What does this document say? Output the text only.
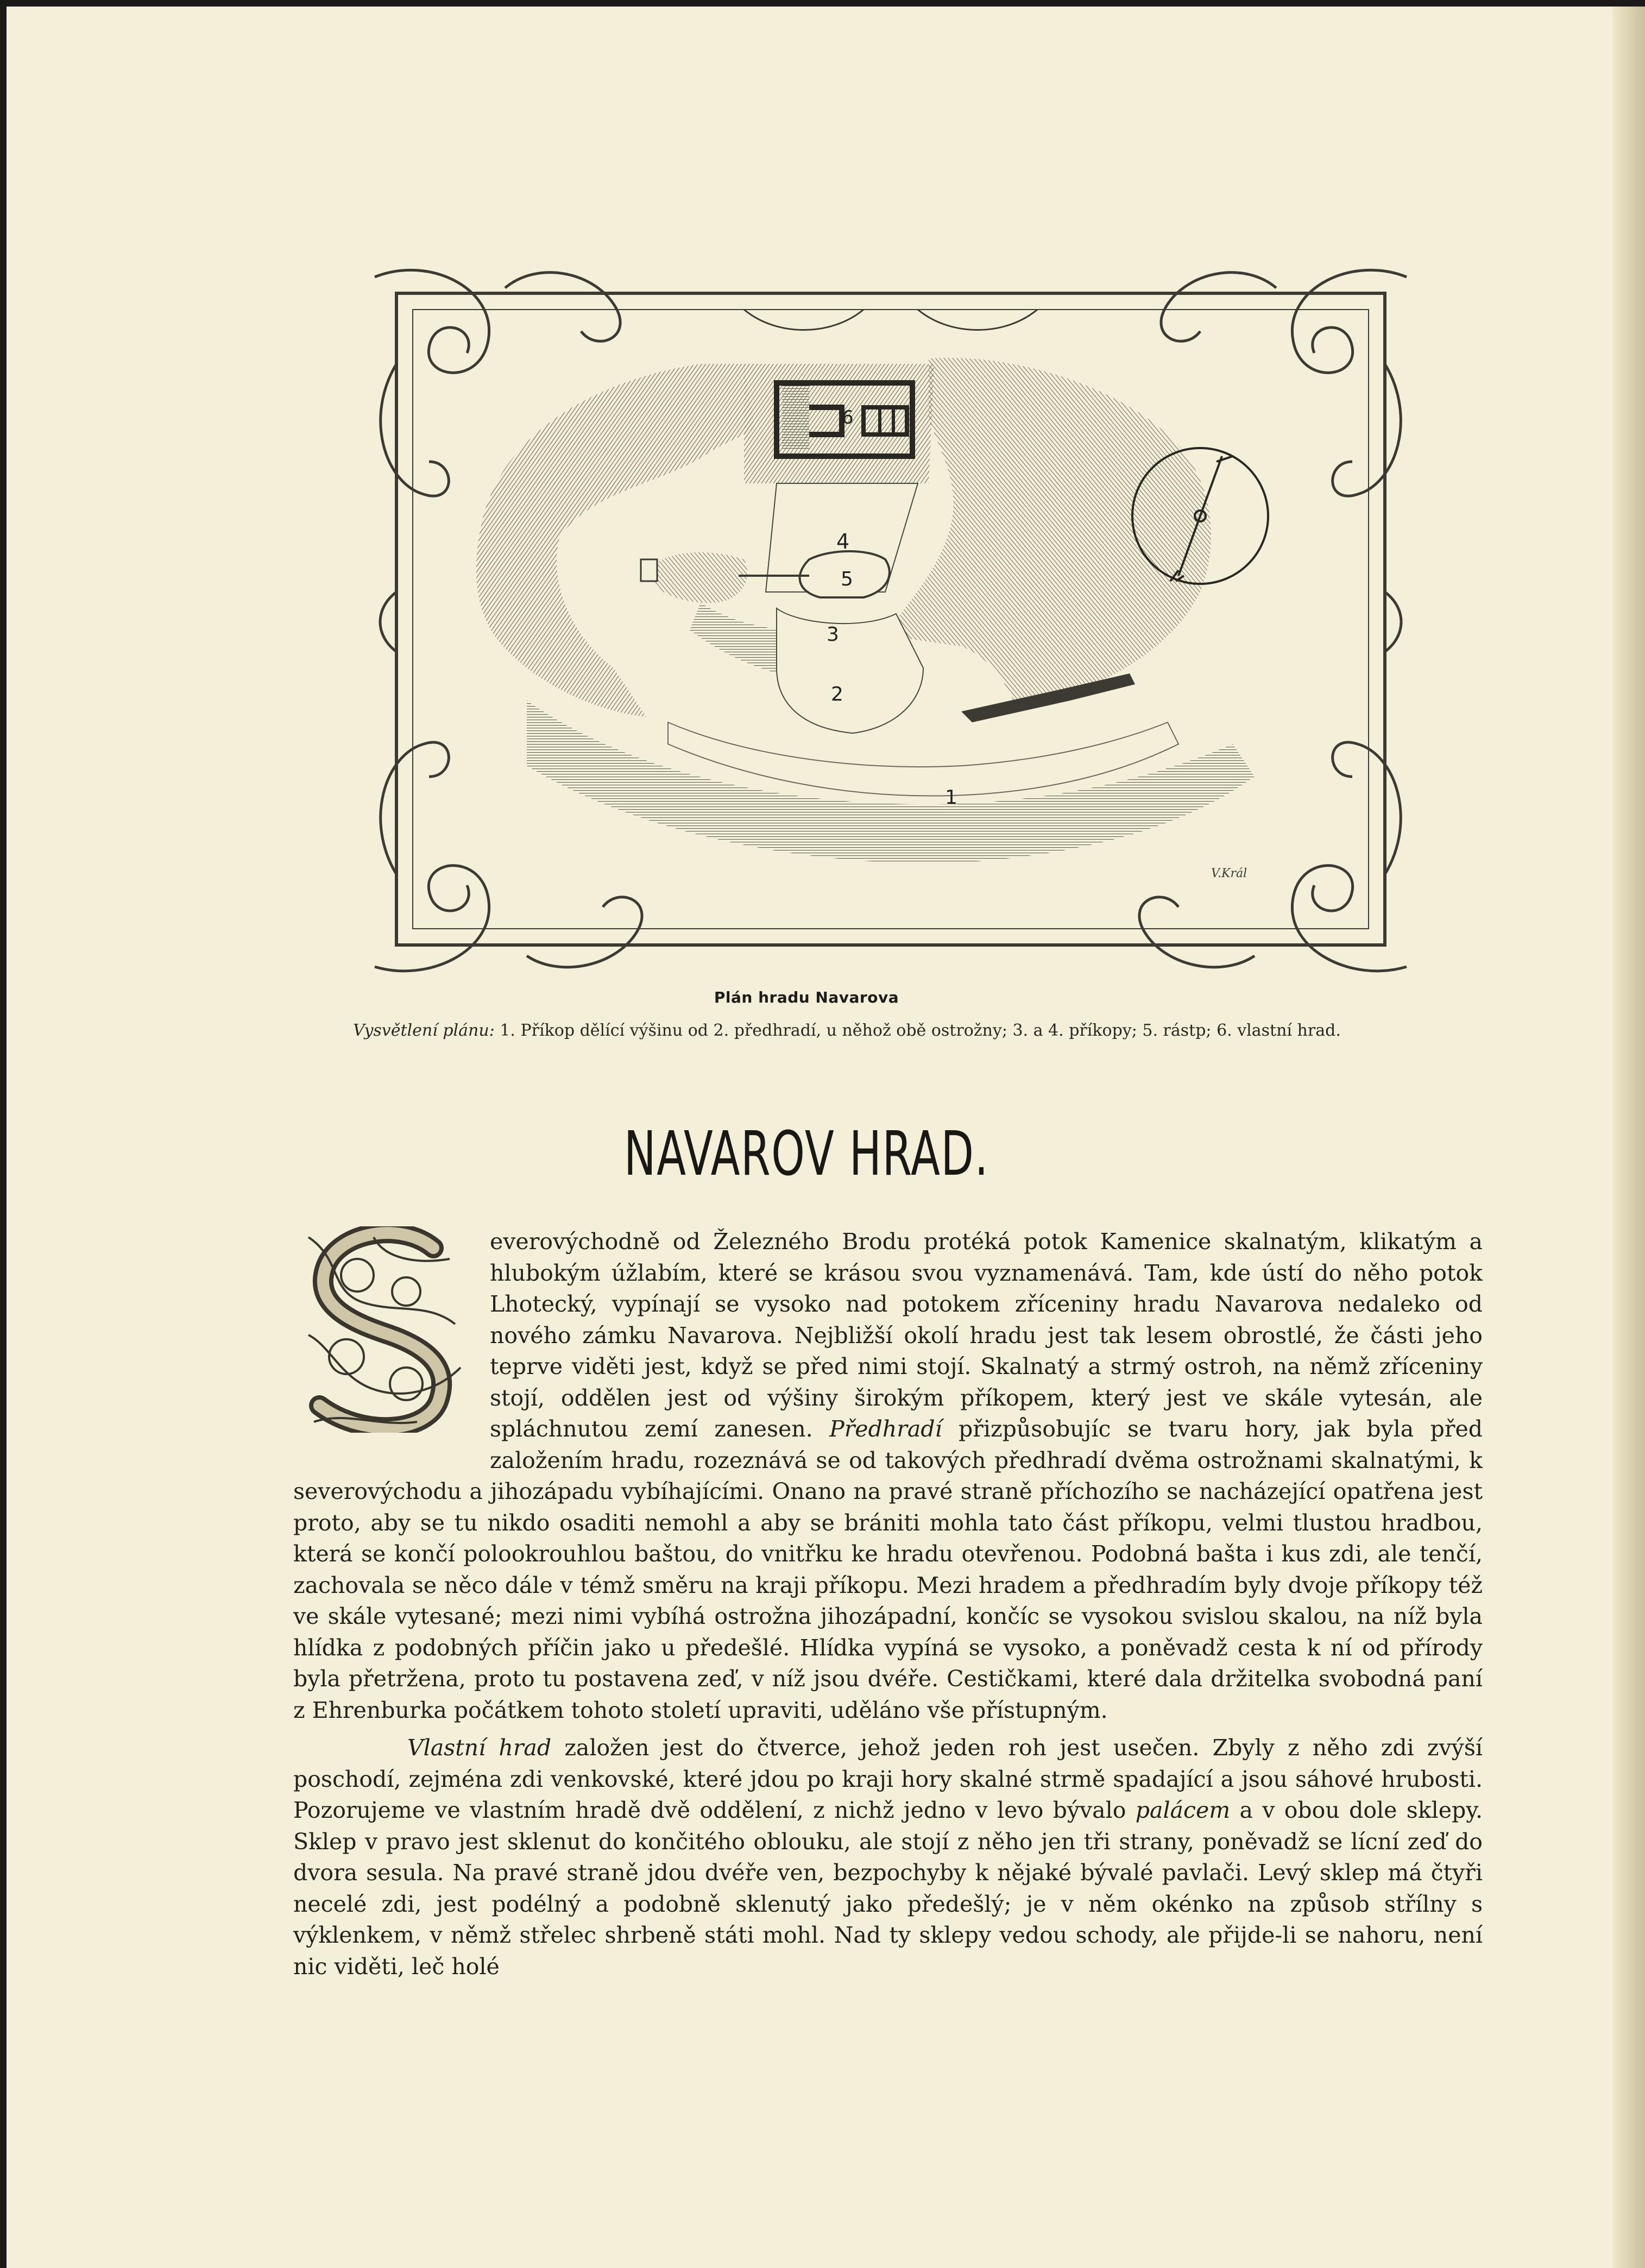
6
4
5
3
2
1
V.Král
Plán hradu Navarova
Vysvětlení plánu: 1. Příkop dělící výšinu od 2. předhradí, u něhož obě ostrožny; 3. a 4. příkopy; 5. rástp; 6. vlastní hrad.
NAVAROV HRAD.

everovýchodně od Železného Brodu protéká potok Kamenice skalnatým, klikatým a hlubokým úžlabím, které se krásou svou vyznamenává. Tam, kde ústí do něho potok Lhotecký, vypínají se vysoko nad potokem zříceniny hradu Navarova nedaleko od nového zámku Navarova. Nejbližší okolí hradu jest tak lesem obrostlé, že části jeho teprve viděti jest, když se před nimi stojí. Skalnatý a strmý ostroh, na němž zříceniny stojí, oddělen jest od výšiny širokým příkopem, který jest ve skále vytesán, ale spláchnutou zemí zanesen. Předhradí přizpůsobujíc se tvaru hory, jak byla před založením hradu, rozeznává se od takových předhradí dvěma ostrožnami skalnatými, k severovýchodu a jihozápadu vybíhajícími. Onano na pravé straně příchozího se nacházející opatřena jest proto, aby se tu nikdo osaditi nemohl a aby se brániti mohla tato část příkopu, velmi tlustou hradbou, která se končí polookrouhlou baštou, do vnitřku ke hradu otevřenou. Podobná bašta i kus zdi, ale tenčí, zachovala se něco dále v témž směru na kraji příkopu. Mezi hradem a předhradím byly dvoje příkopy též ve skále vytesané; mezi nimi vybíhá ostrožna jihozápadní, končíc se vysokou svislou skalou, na níž byla hlídka z podobných příčin jako u předešlé. Hlídka vypíná se vysoko, a poněvadž cesta k ní od přírody byla přetržena, proto tu postavena zeď, v níž jsou dvéře. Cestičkami, které dala držitelka svobodná paní z Ehrenburka počátkem tohoto století upraviti, uděláno vše přístupným.

Vlastní hrad založen jest do čtverce, jehož jeden roh jest usečen. Zbyly z něho zdi zvýší poschodí, zejména zdi venkovské, které jdou po kraji hory skalné strmě spadající a jsou sáhové hrubosti. Pozorujeme ve vlastním hradě dvě oddělení, z nichž jedno v levo bývalo palácem a v obou dole sklepy. Sklep v pravo jest sklenut do končitého oblouku, ale stojí z něho jen tři strany, poněvadž se lícní zeď do dvora sesula. Na pravé straně jdou dvéře ven, bezpochyby k nějaké bývalé pavlači. Levý sklep má čtyři necelé zdi, jest podélný a podobně sklenutý jako předešlý; je v něm okénko na způsob střílny s výklenkem, v němž střelec shrbeně státi mohl. Nad ty sklepy vedou schody, ale přijde-li se nahoru, není nic viděti, leč holé
